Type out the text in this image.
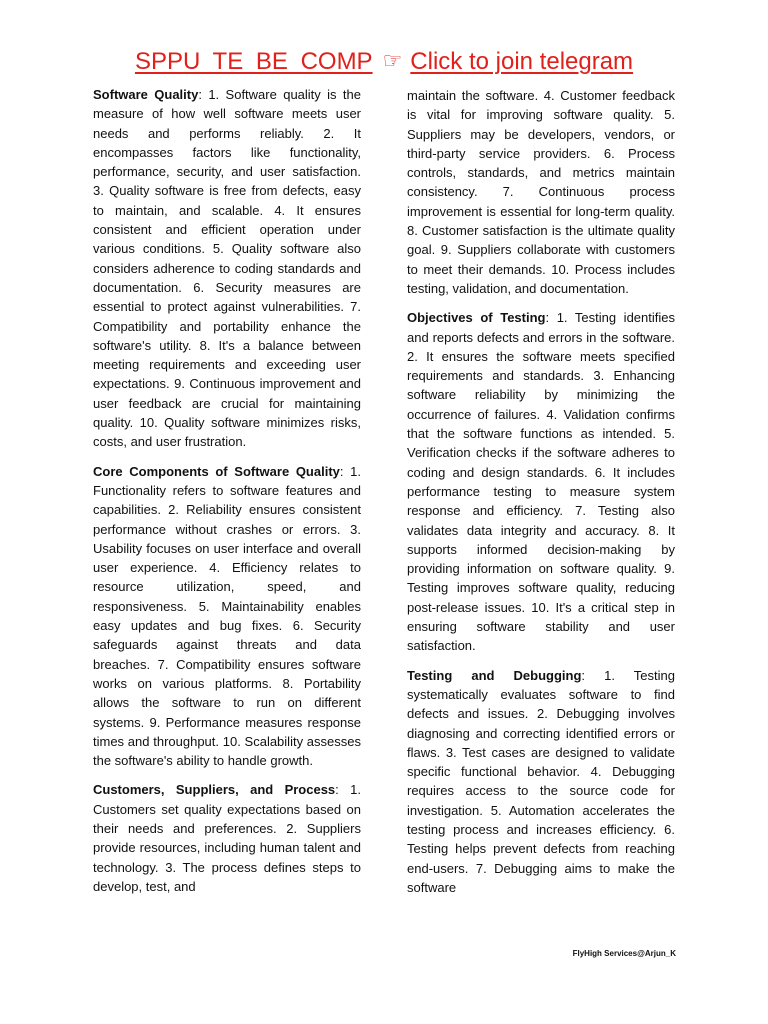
SPPU TE BE COMP ☞ Click to join telegram

Software Quality: 1. Software quality is the measure of how well software meets user needs and performs reliably. 2. It encompasses factors like functionality, performance, security, and user satisfaction. 3. Quality software is free from defects, easy to maintain, and scalable. 4. It ensures consistent and efficient operation under various conditions. 5. Quality software also considers adherence to coding standards and documentation. 6. Security measures are essential to protect against vulnerabilities. 7. Compatibility and portability enhance the software's utility. 8. It's a balance between meeting requirements and exceeding user expectations. 9. Continuous improvement and user feedback are crucial for maintaining quality. 10. Quality software minimizes risks, costs, and user frustration.

Core Components of Software Quality: 1. Functionality refers to software features and capabilities. 2. Reliability ensures consistent performance without crashes or errors. 3. Usability focuses on user interface and overall user experience. 4. Efficiency relates to resource utilization, speed, and responsiveness. 5. Maintainability enables easy updates and bug fixes. 6. Security safeguards against threats and data breaches. 7. Compatibility ensures software works on various platforms. 8. Portability allows the software to run on different systems. 9. Performance measures response times and throughput. 10. Scalability assesses the software's ability to handle growth.

Customers, Suppliers, and Process: 1. Customers set quality expectations based on their needs and preferences. 2. Suppliers provide resources, including human talent and technology. 3. The process defines steps to develop, test, and

maintain the software. 4. Customer feedback is vital for improving software quality. 5. Suppliers may be developers, vendors, or third-party service providers. 6. Process controls, standards, and metrics maintain consistency. 7. Continuous process improvement is essential for long-term quality. 8. Customer satisfaction is the ultimate quality goal. 9. Suppliers collaborate with customers to meet their demands. 10. Process includes testing, validation, and documentation.

Objectives of Testing: 1. Testing identifies and reports defects and errors in the software. 2. It ensures the software meets specified requirements and standards. 3. Enhancing software reliability by minimizing the occurrence of failures. 4. Validation confirms that the software functions as intended. 5. Verification checks if the software adheres to coding and design standards. 6. It includes performance testing to measure system response and efficiency. 7. Testing also validates data integrity and accuracy. 8. It supports informed decision-making by providing information on software quality. 9. Testing improves software quality, reducing post-release issues. 10. It's a critical step in ensuring software stability and user satisfaction.

Testing and Debugging: 1. Testing systematically evaluates software to find defects and issues. 2. Debugging involves diagnosing and correcting identified errors or flaws. 3. Test cases are designed to validate specific functional behavior. 4. Debugging requires access to the source code for investigation. 5. Automation accelerates the testing process and increases efficiency. 6. Testing helps prevent defects from reaching end-users. 7. Debugging aims to make the software

FlyHigh Services@Arjun_K
